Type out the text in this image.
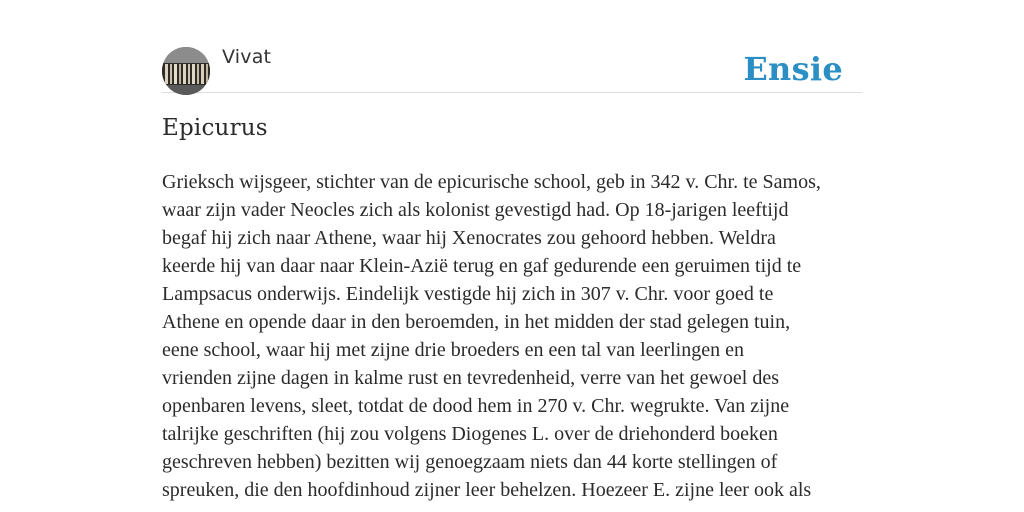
Vivat	Ensie
Epicurus

Grieksch wijsgeer, stichter van de epicurische school, geb in 342 v. Chr. te Samos,
waar zijn vader Neocles zich als kolonist gevestigd had. Op 18-jarigen leeftijd
begaf hij zich naar Athene, waar hij Xenocrates zou gehoord hebben. Weldra
keerde hij van daar naar Klein-Azië terug en gaf gedurende een geruimen tijd te
Lampsacus onderwijs. Eindelijk vestigde hij zich in 307 v. Chr. voor goed te
Athene en opende daar in den beroemden, in het midden der stad gelegen tuin,
eene school, waar hij met zijne drie broeders en een tal van leerlingen en
vrienden zijne dagen in kalme rust en tevredenheid, verre van het gewoel des
openbaren levens, sleet, totdat de dood hem in 270 v. Chr. wegrukte. Van zijne
talrijke geschriften (hij zou volgens Diogenes L. over de driehonderd boeken
geschreven hebben) bezitten wij genoegzaam niets dan 44 korte stellingen of
spreuken, die den hoofdinhoud zijner leer behelzen. Hoezeer E. zijne leer ook als
